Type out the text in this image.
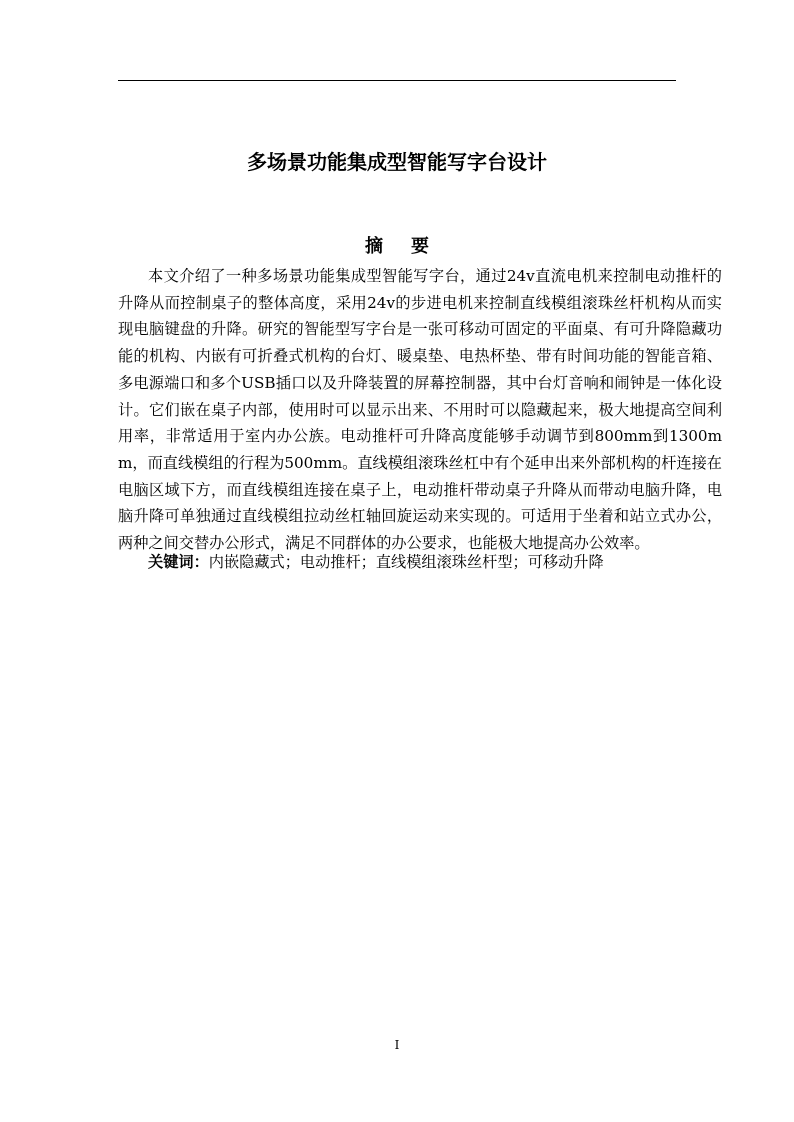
多场景功能集成型智能写字台设计
摘要

本文介绍了一种多场景功能集成型智能写字台，通过24v直流电机来控制电动推杆的升降从而控制桌子的整体高度，采用24v的步进电机来控制直线模组滚珠丝杆机构从而实现电脑键盘的升降。研究的智能型写字台是一张可移动可固定的平面桌、有可升降隐藏功能的机构、内嵌有可折叠式机构的台灯、暖桌垫、电热杯垫、带有时间功能的智能音箱、多电源端口和多个USB插口以及升降装置的屏幕控制器，其中台灯音响和闹钟是一体化设计。它们嵌在桌子内部，使用时可以显示出来、不用时可以隐藏起来，极大地提高空间利用率，非常适用于室内办公族。电动推杆可升降高度能够手动调节到800mm到1300mm，而直线模组的行程为500mm。直线模组滚珠丝杠中有个延申出来外部机构的杆连接在电脑区域下方，而直线模组连接在桌子上，电动推杆带动桌子升降从而带动电脑升降，电脑升降可单独通过直线模组拉动丝杠轴回旋运动来实现的。可适用于坐着和站立式办公，两种之间交替办公形式，满足不同群体的办公要求，也能极大地提高办公效率。

关键词：内嵌隐藏式；电动推杆；直线模组滚珠丝杆型；可移动升降

I
